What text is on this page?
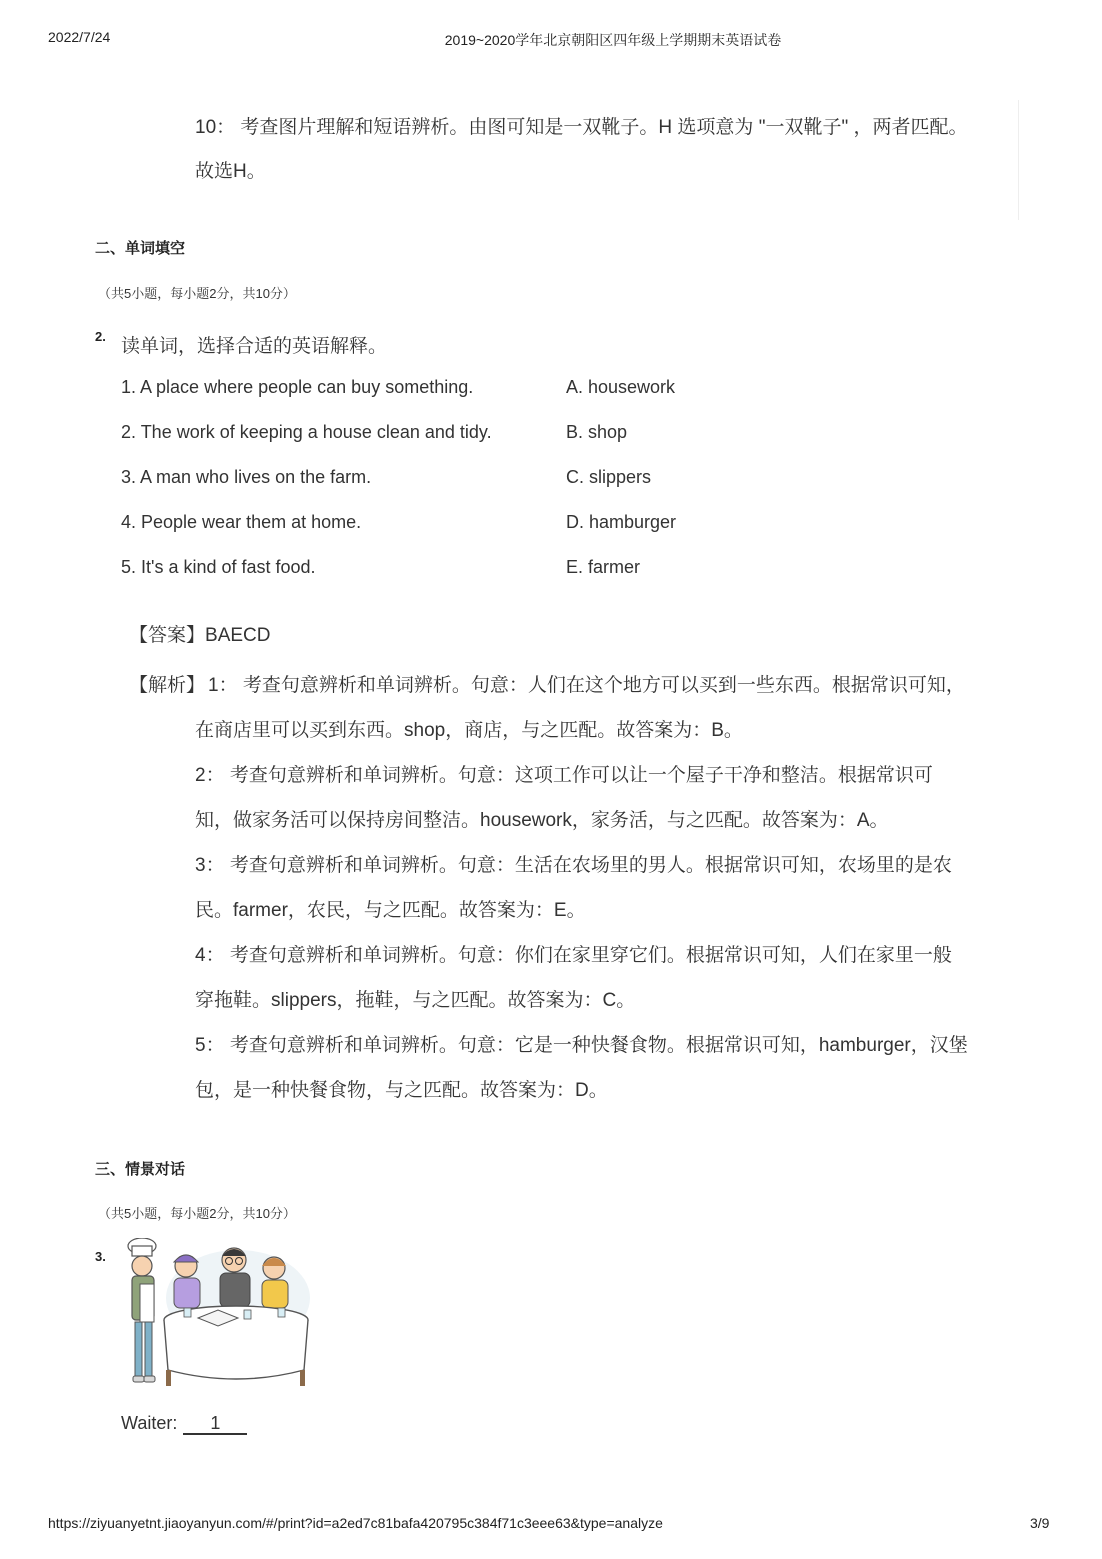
2022/7/24	2019~2020学年北京朝阳区四年级上学期期末英语试卷
10： 考查图片理解和短语辨析。由图可知是一双靴子。H 选项意为 "一双靴子" ，两者匹配。
故选H。
二、单词填空
（共5小题，每小题2分，共10分）
2. 读单词，选择合适的英语解释。
1. A place where people can buy something.
2. The work of keeping a house clean and tidy.
3. A man who lives on the farm.
4. People wear them at home.
5. It's a kind of fast food.
A. housework
B. shop
C. slippers
D. hamburger
E. farmer
【答案】BAECD
【解析】 1： 考查句意辨析和单词辨析。句意：人们在这个地方可以买到一些东西。根据常识可知，

在商店里可以买到东西。shop，商店，与之匹配。故答案为：B。

2： 考查句意辨析和单词辨析。句意：这项工作可以让一个屋子干净和整洁。根据常识可

知，做家务活可以保持房间整洁。housework，家务活，与之匹配。故答案为：A。

3： 考查句意辨析和单词辨析。句意：生活在农场里的男人。根据常识可知，农场里的是农

民。farmer，农民，与之匹配。故答案为：E。

4： 考查句意辨析和单词辨析。句意：你们在家里穿它们。根据常识可知，人们在家里一般

穿拖鞋。slippers，拖鞋，与之匹配。故答案为：C。

5： 考查句意辨析和单词辨析。句意：它是一种快餐食物。根据常识可知，hamburger，汉堡

包，是一种快餐食物，与之匹配。故答案为：D。

三、情景对话
（共5小题，每小题2分，共10分）
3.
Waiter: 1
https://ziyuanyetnt.jiaoyanyun.com/#/print?id=a2ed7c81bafa420795c384f71c3eee63&type=analyze	3/9
